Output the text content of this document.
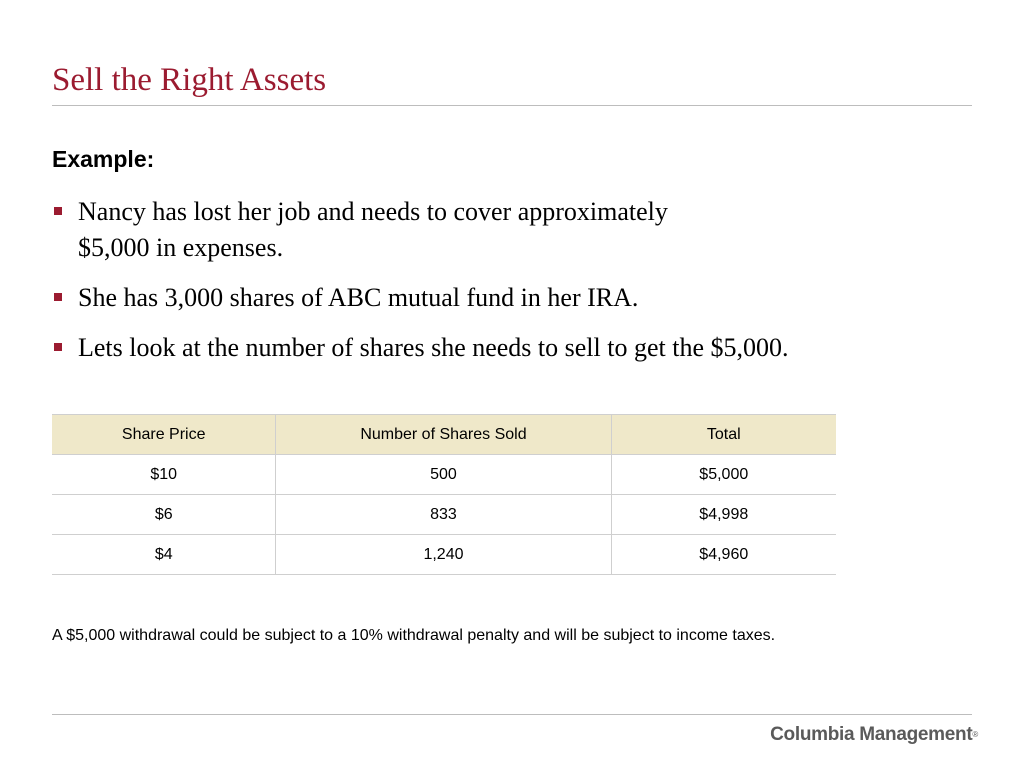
Sell the Right Assets
Example:
Nancy has lost her job and needs to cover approximately
$5,000 in expenses.
She has 3,000 shares of ABC mutual fund in her IRA.
Lets look at the number of shares she needs to sell to get the $5,000.
Share Price	Number of Shares Sold	Total
$10	500	$5,000
$6	833	$4,998
$4	1,240	$4,960

A $5,000 withdrawal could be subject to a 10% withdrawal penalty and will be subject to income taxes.

Columbia Management®
